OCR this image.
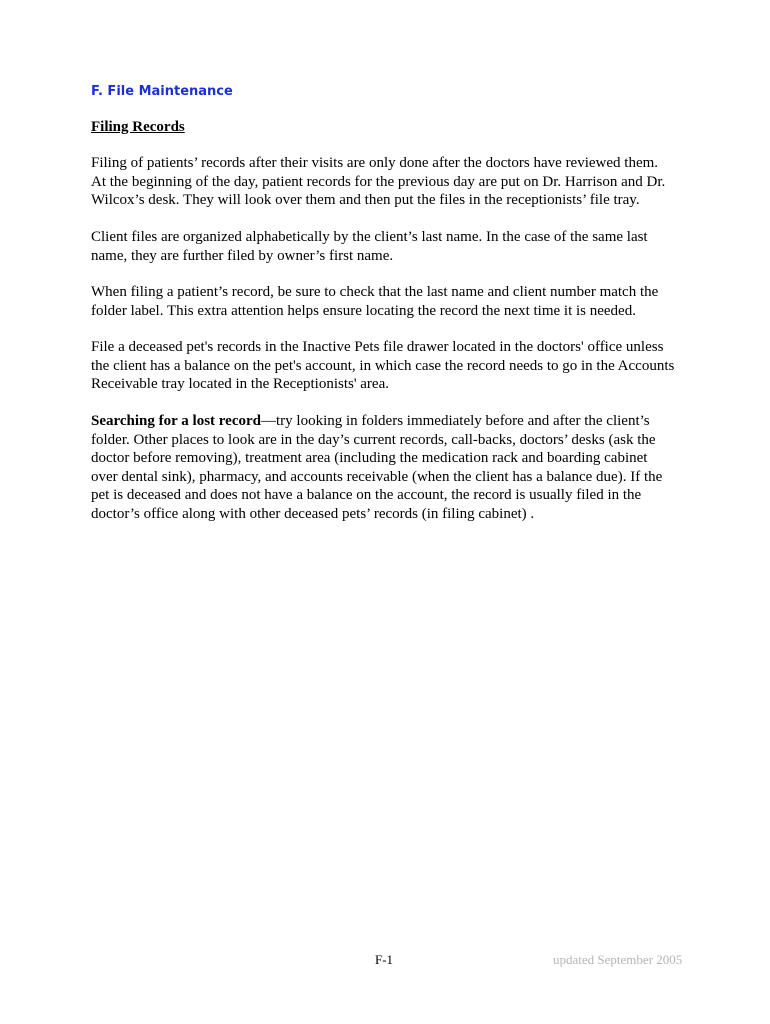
F. File Maintenance
Filing Records

Filing of patients’ records after their visits are only done after the doctors have reviewed them.
At the beginning of the day, patient records for the previous day are put on Dr. Harrison and Dr.
Wilcox’s desk. They will look over them and then put the files in the receptionists’ file tray.

Client files are organized alphabetically by the client’s last name. In the case of the same last
name, they are further filed by owner’s first name.

When filing a patient’s record, be sure to check that the last name and client number match the
folder label. This extra attention helps ensure locating the record the next time it is needed.

File a deceased pet's records in the Inactive Pets file drawer located in the doctors' office unless
the client has a balance on the pet's account, in which case the record needs to go in the Accounts
Receivable tray located in the Receptionists' area.

Searching for a lost record—try looking in folders immediately before and after the client’s
folder. Other places to look are in the day’s current records, call-backs, doctors’ desks (ask the
doctor before removing), treatment area (including the medication rack and boarding cabinet
over dental sink), pharmacy, and accounts receivable (when the client has a balance due). If the
pet is deceased and does not have a balance on the account, the record is usually filed in the
doctor’s office along with other deceased pets’ records (in filing cabinet) .

F-1	updated September 2005
